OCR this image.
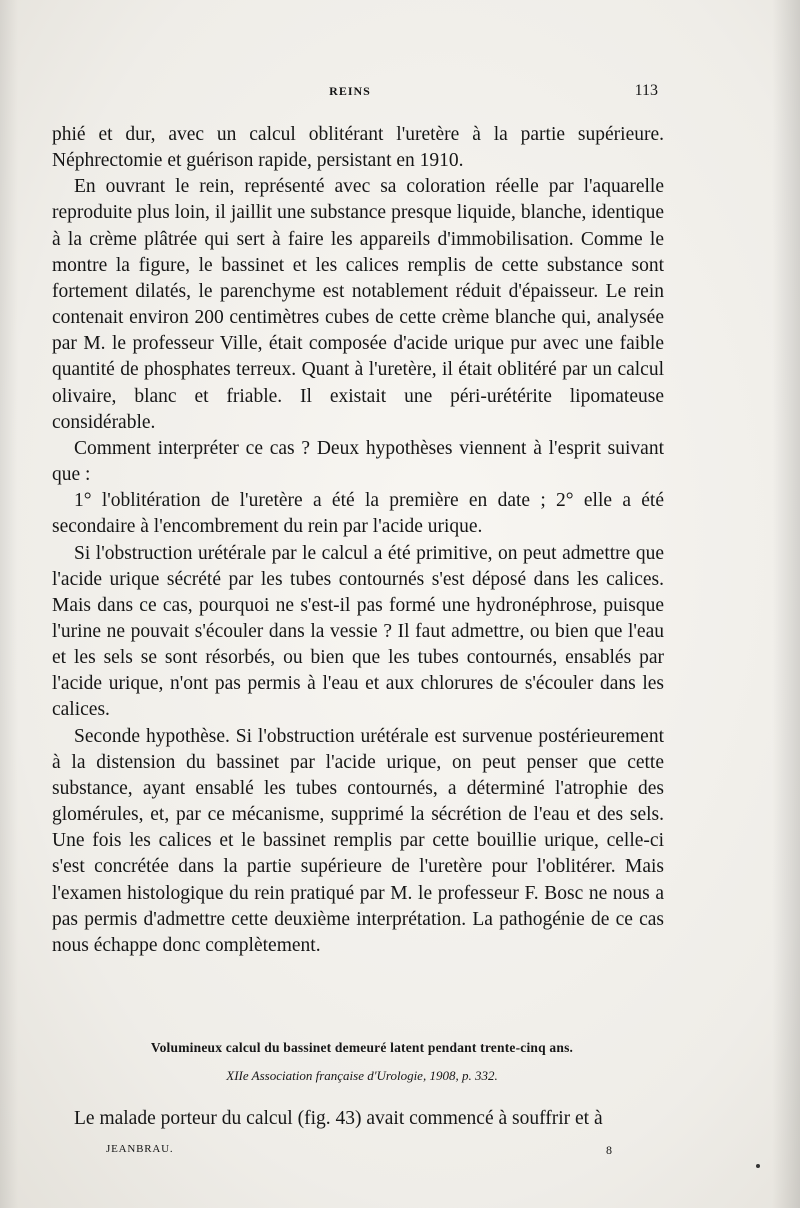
REINS	113

phié et dur, avec un calcul oblitérant l'uretère à la partie supérieure. Néphrectomie et guérison rapide, persistant en 1910.

En ouvrant le rein, représenté avec sa coloration réelle par l'aquarelle reproduite plus loin, il jaillit une substance presque liquide, blanche, identique à la crème plâtrée qui sert à faire les appareils d'immobilisation. Comme le montre la figure, le bassinet et les calices remplis de cette substance sont fortement dilatés, le parenchyme est notablement réduit d'épaisseur. Le rein contenait environ 200 centimètres cubes de cette crème blanche qui, analysée par M. le professeur Ville, était composée d'acide urique pur avec une faible quantité de phosphates terreux. Quant à l'uretère, il était oblitéré par un calcul olivaire, blanc et friable. Il existait une péri-urétérite lipomateuse considérable.

Comment interpréter ce cas ? Deux hypothèses viennent à l'esprit suivant que :

1° l'oblitération de l'uretère a été la première en date ; 2° elle a été secondaire à l'encombrement du rein par l'acide urique.

Si l'obstruction urétérale par le calcul a été primitive, on peut admettre que l'acide urique sécrété par les tubes contournés s'est déposé dans les calices. Mais dans ce cas, pourquoi ne s'est-il pas formé une hydronéphrose, puisque l'urine ne pouvait s'écouler dans la vessie ? Il faut admettre, ou bien que l'eau et les sels se sont résorbés, ou bien que les tubes contournés, ensablés par l'acide urique, n'ont pas permis à l'eau et aux chlorures de s'écouler dans les calices.

Seconde hypothèse. Si l'obstruction urétérale est survenue postérieurement à la distension du bassinet par l'acide urique, on peut penser que cette substance, ayant ensablé les tubes contournés, a déterminé l'atrophie des glomérules, et, par ce mécanisme, supprimé la sécrétion de l'eau et des sels. Une fois les calices et le bassinet remplis par cette bouillie urique, celle-ci s'est concrétée dans la partie supérieure de l'uretère pour l'oblitérer. Mais l'examen histologique du rein pratiqué par M. le professeur F. Bosc ne nous a pas permis d'admettre cette deuxième interprétation. La pathogénie de ce cas nous échappe donc complètement.

Volumineux calcul du bassinet demeuré latent pendant trente-cinq ans.
XIIe Association française d'Urologie, 1908, p. 332.
Le malade porteur du calcul (fig. 43) avait commencé à souffrir et à
JEANBRAU.	8
